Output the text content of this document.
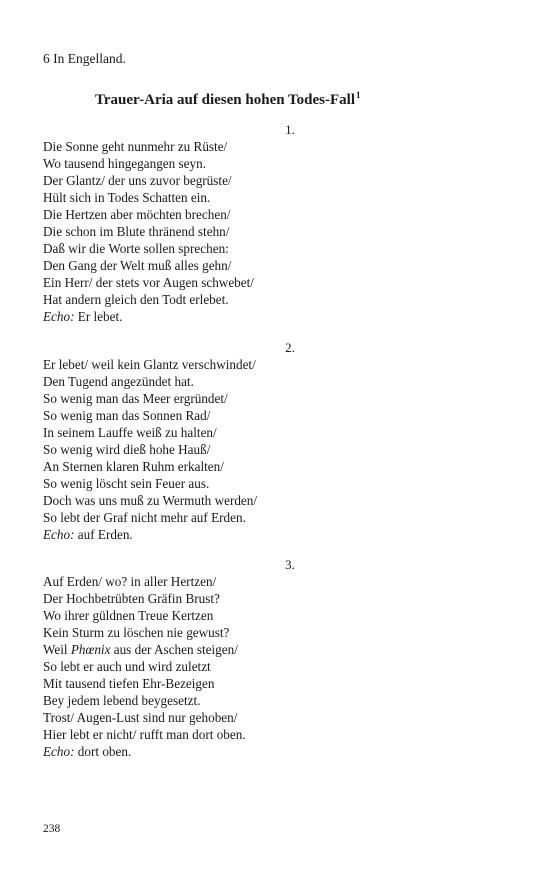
6 In Engelland.
Trauer-Aria auf diesen hohen Todes-Fall$^1$
1.
Die Sonne geht nunmehr zu Rüste/
Wo tausend hingegangen seyn.
Der Glantz/ der uns zuvor begrüste/
Hült sich in Todes Schatten ein.
Die Hertzen aber möchten brechen/
Die schon im Blute thränend stehn/
Daß wir die Worte sollen sprechen:
Den Gang der Welt muß alles gehn/
Ein Herr/ der stets vor Augen schwebet/
Hat andern gleich den Todt erlebet.
Echo: Er lebet.
2.
Er lebet/ weil kein Glantz verschwindet/
Den Tugend angezündet hat.
So wenig man das Meer ergründet/
So wenig man das Sonnen Rad/
In seinem Lauffe weiß zu halten/
So wenig wird dieß hohe Hauß/
An Sternen klaren Ruhm erkalten/
So wenig löscht sein Feuer aus.
Doch was uns muß zu Wermuth werden/
So lebt der Graf nicht mehr auf Erden.
Echo: auf Erden.
3.
Auf Erden/ wo? in aller Hertzen/
Der Hochbetrübten Gräfin Brust?
Wo ihrer güldnen Treue Kertzen
Kein Sturm zu löschen nie gewust?
Weil Phœnix aus der Aschen steigen/
So lebt er auch und wird zuletzt
Mit tausend tiefen Ehr-Bezeigen
Bey jedem lebend beygesetzt.
Trost/ Augen-Lust sind nur gehoben/
Hier lebt er nicht/ rufft man dort oben.
Echo: dort oben.
238
